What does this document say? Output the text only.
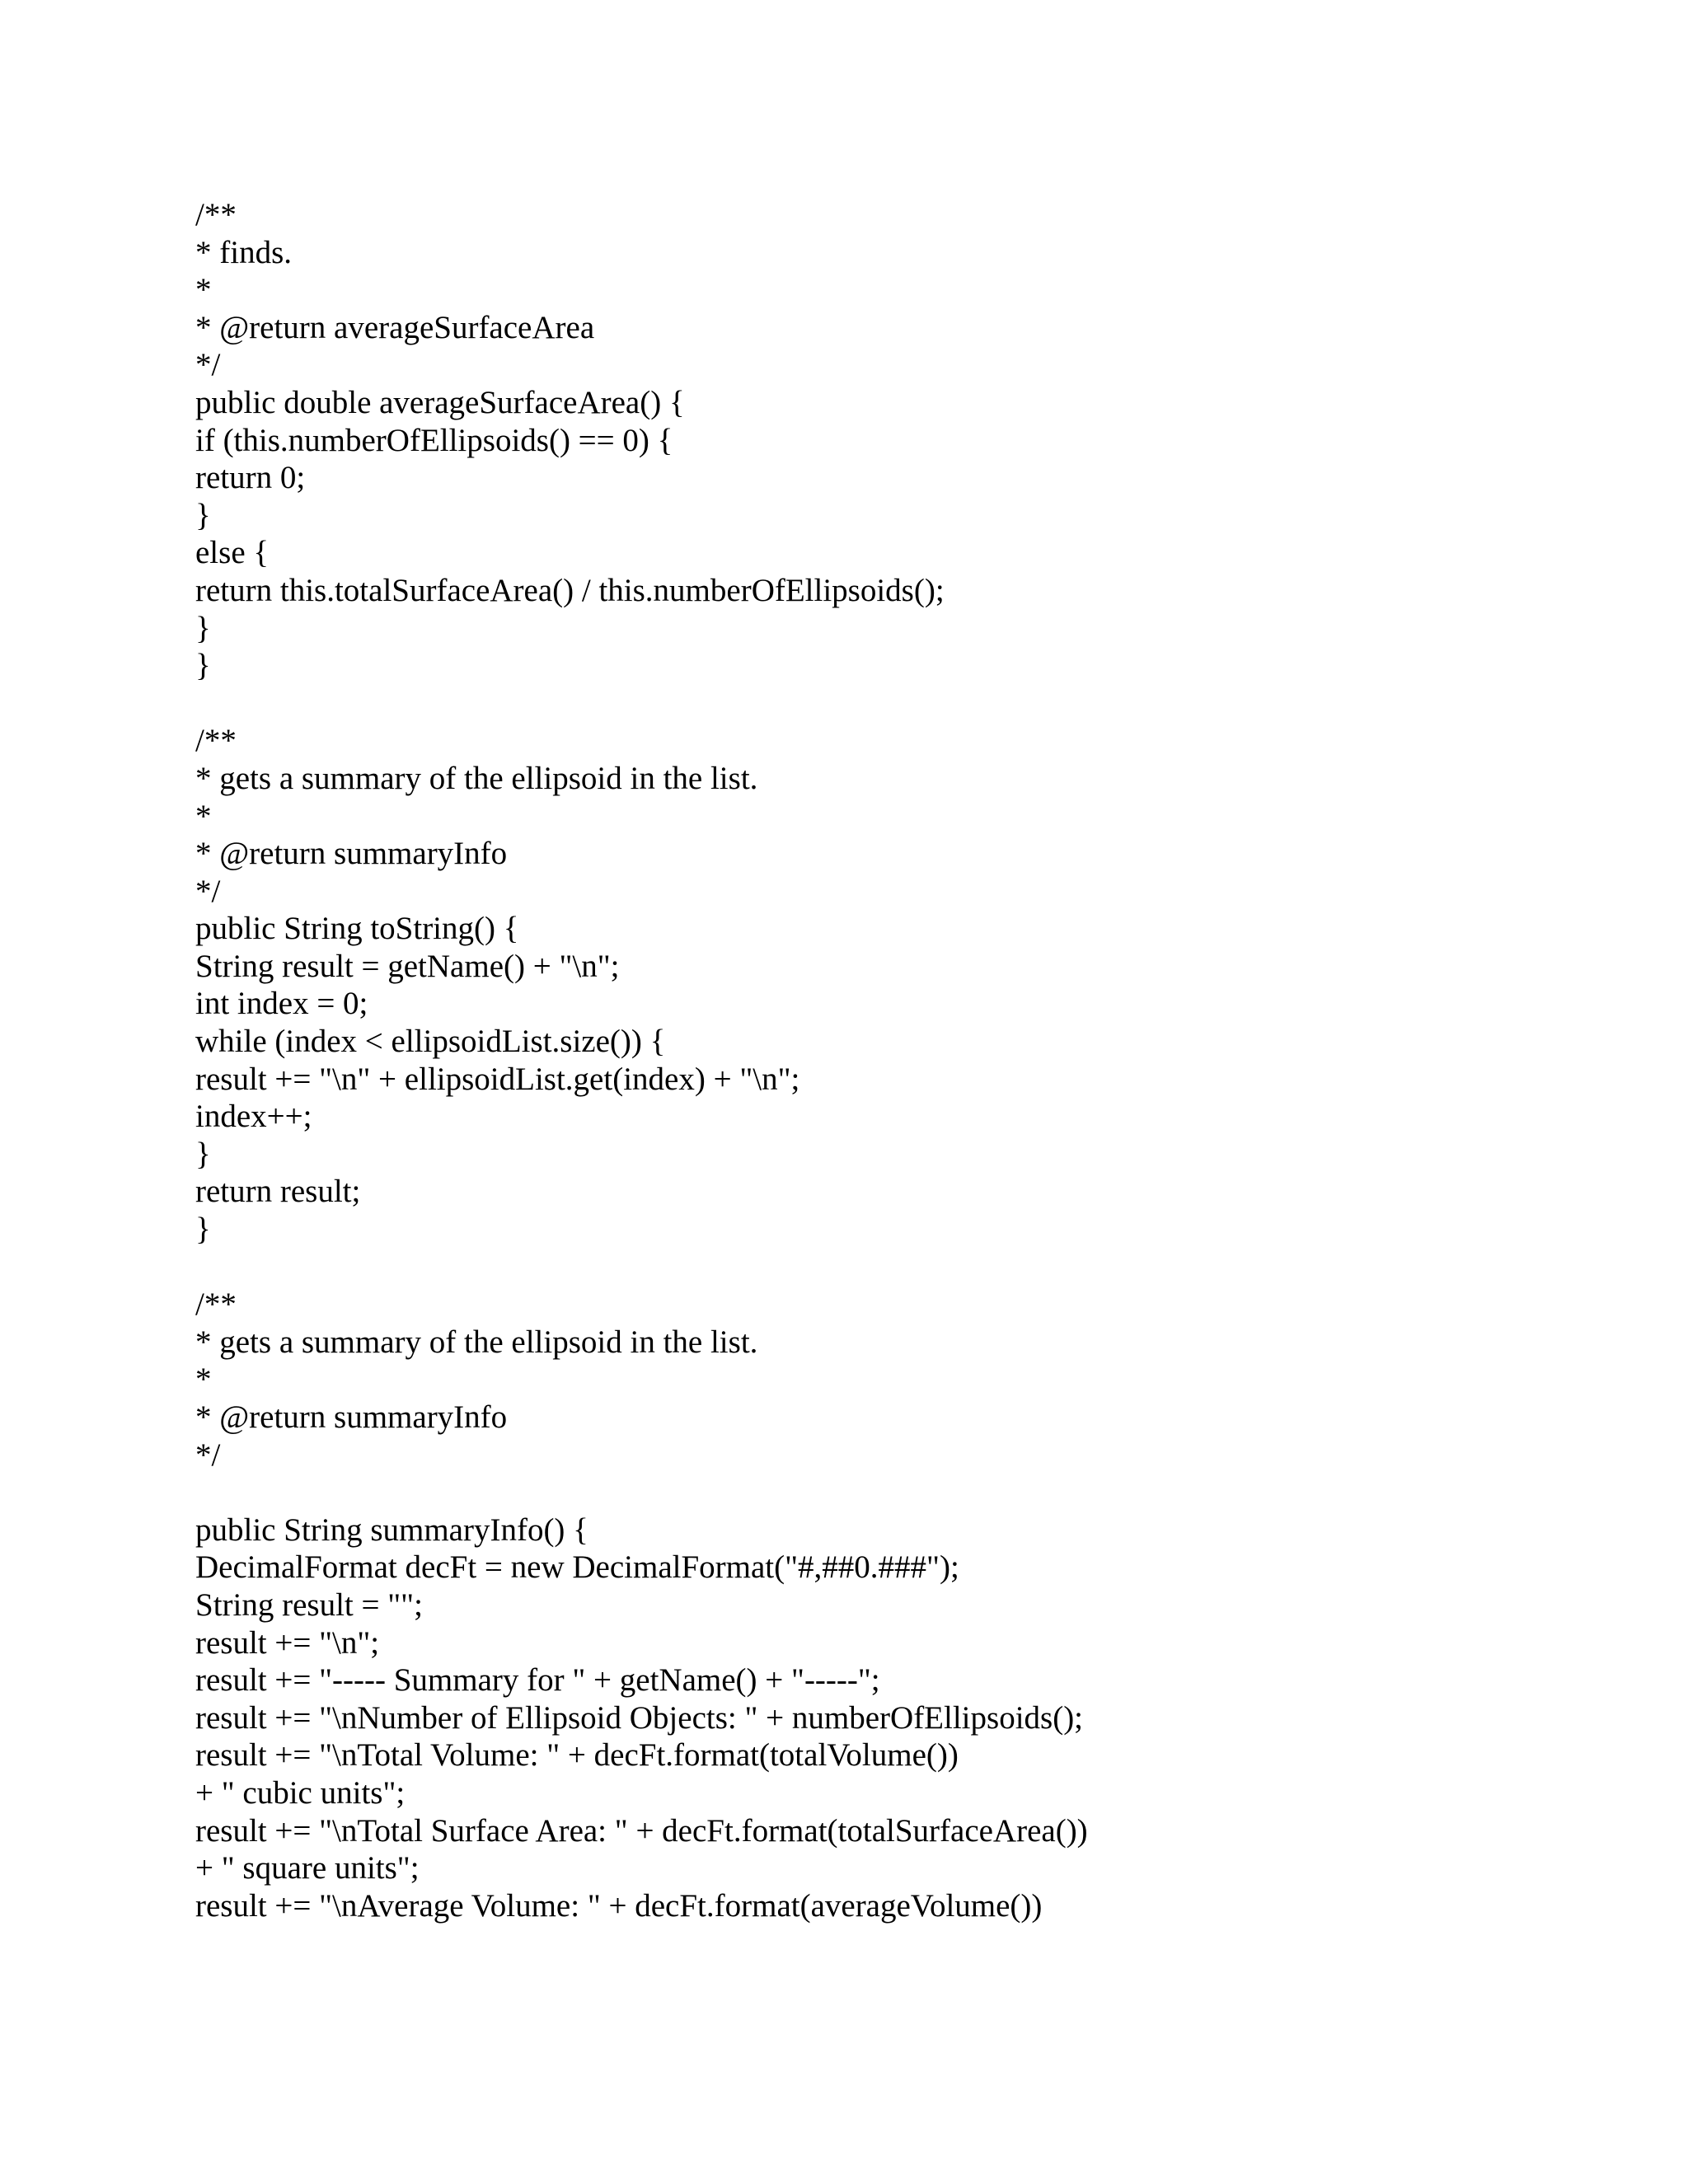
/**
* finds.
*
* @return averageSurfaceArea
*/
public double averageSurfaceArea() {
if (this.numberOfEllipsoids() == 0) {
return 0;
}
else {
return this.totalSurfaceArea() / this.numberOfEllipsoids();
}
}
/**
* gets a summary of the ellipsoid in the list.
*
* @return summaryInfo
*/
public String toString() {
String result = getName() + "\n";
int index = 0;
while (index < ellipsoidList.size()) {
result += "\n" + ellipsoidList.get(index) + "\n";
index++;
}
return result;
}
/**
* gets a summary of the ellipsoid in the list.
*
* @return summaryInfo
*/
public String summaryInfo() {
DecimalFormat decFt = new DecimalFormat("#,##0.###");
String result = "";
result += "\n";
result += "----- Summary for " + getName() + "-----";
result += "\nNumber of Ellipsoid Objects: " + numberOfEllipsoids();
result += "\nTotal Volume: " + decFt.format(totalVolume())
+ " cubic units";
result += "\nTotal Surface Area: " + decFt.format(totalSurfaceArea())
+ " square units";
result += "\nAverage Volume: " + decFt.format(averageVolume())
